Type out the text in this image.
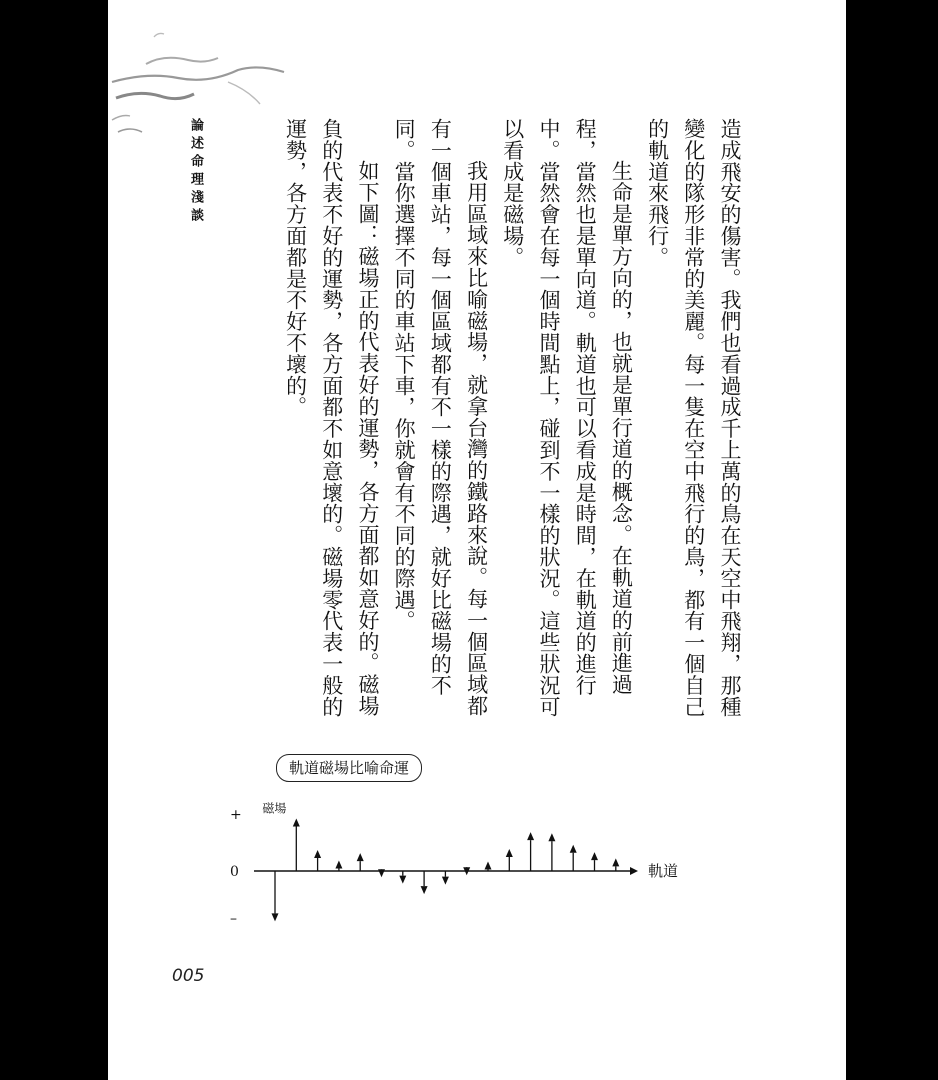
論述命理淺談	造成飛安的傷害。我們也看過成千上萬的鳥在天空中飛翔，那種變化的隊形非常的美麗。每一隻在空中飛行的鳥，都有一個自己的軌道來飛行。

生命是單方向的，也就是單行道的概念。在軌道的前進過程，當然也是單向道。軌道也可以看成是時間，在軌道的進行中。當然會在每一個時間點上，碰到不一樣的狀況。這些狀況可以看成是磁場。

我用區域來比喻磁場，就拿台灣的鐵路來說。每一個區域都有一個車站，每一個區域都有不一樣的際遇，就好比磁場的不同。當你選擇不同的車站下車，你就會有不同的際遇。

如下圖：磁場正的代表好的運勢，各方面都如意好的。磁場負的代表不好的運勢，各方面都不如意壞的。磁場零代表一般的運勢，各方面都是不好不壞的。

軌道磁場比喻命運
軌道
+
0
–
磁場
005
